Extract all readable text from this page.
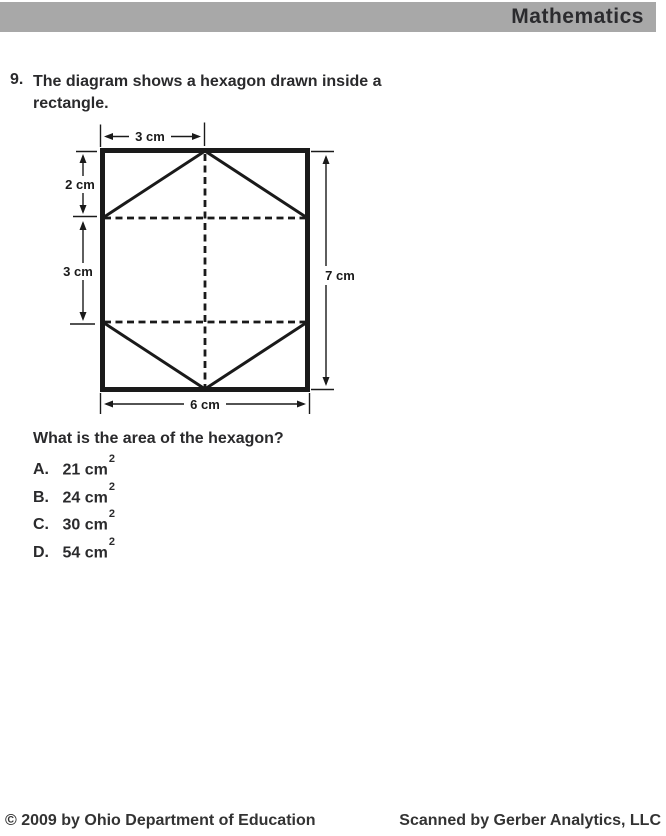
Mathematics
9. The diagram shows a hexagon drawn inside a
rectangle.
3 cm
2 cm
3 cm	7 cm
6 cm
What is the area of the hexagon?
A. 21 $cm^2$
B. 24 $cm^2$
C. 30 $cm^2$
D. 54 $cm^2$
© 2009 by Ohio Department of Education	Scanned by Gerber Analytics, LLC
